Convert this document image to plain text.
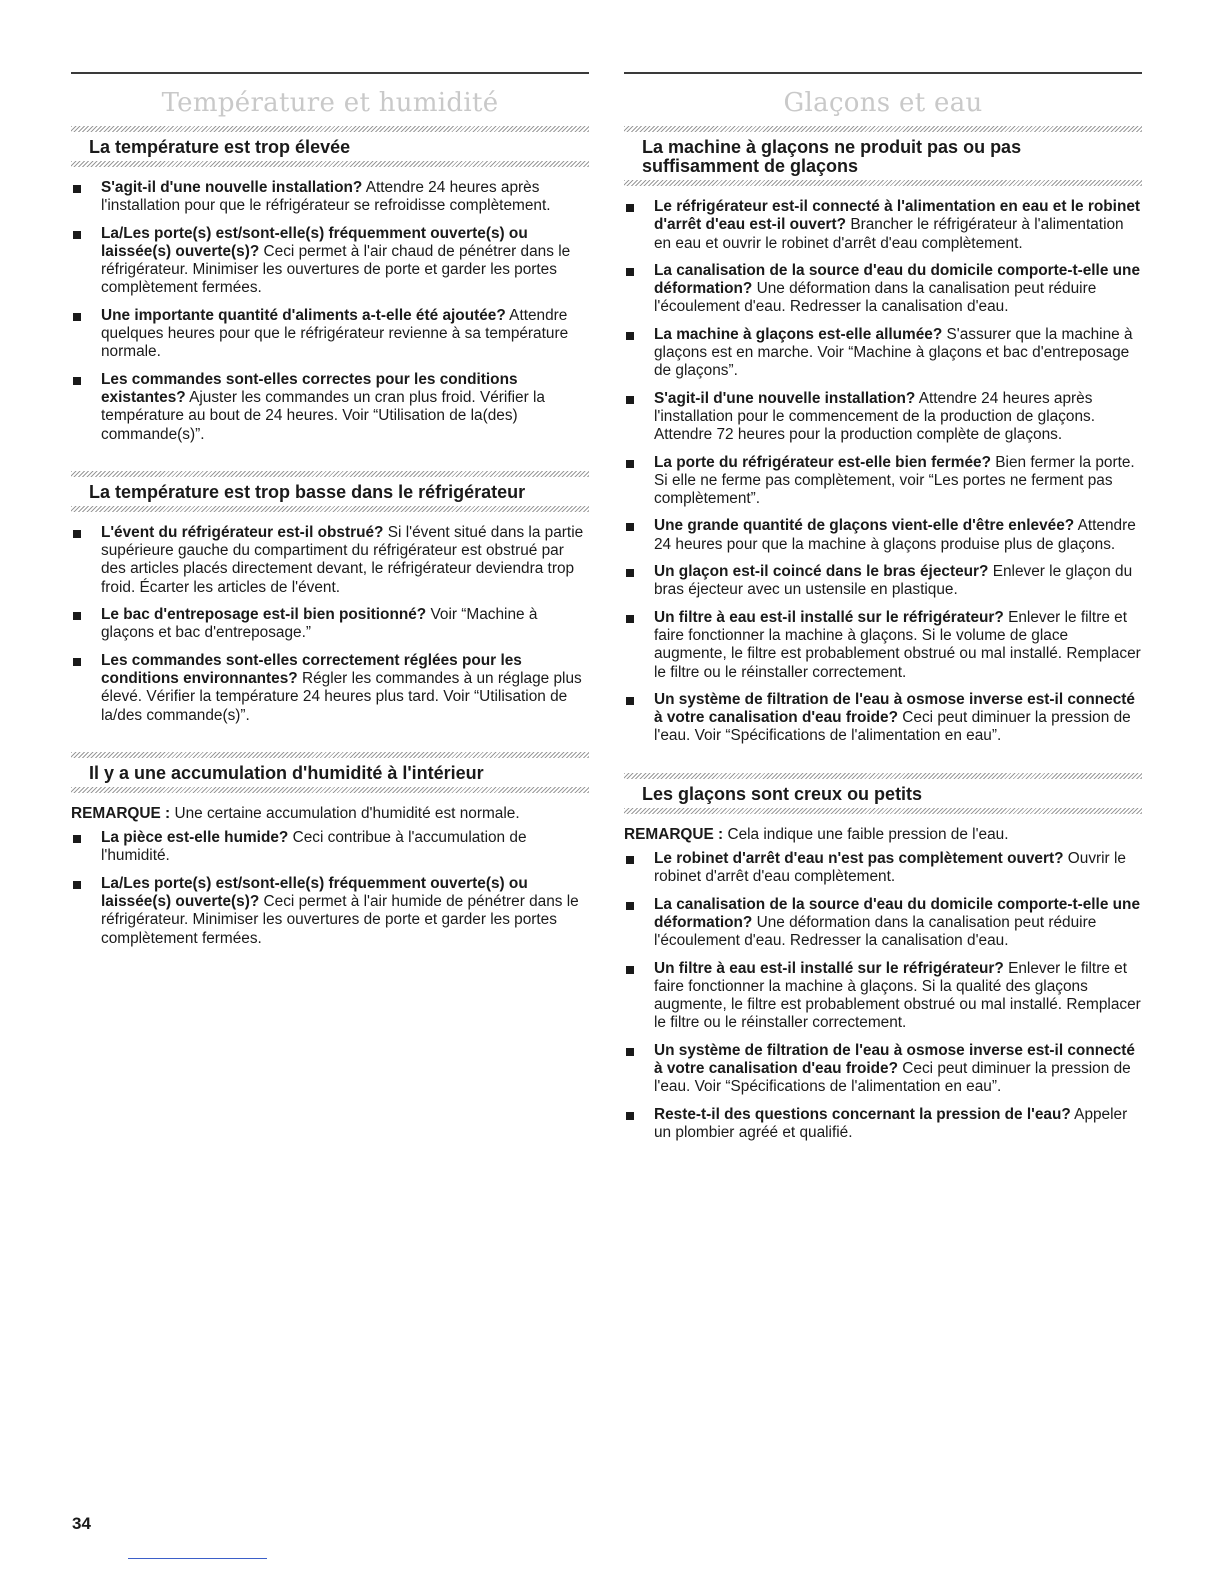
Température et humidité
La température est trop élevée
S'agit-il d'une nouvelle installation? Attendre 24 heures après l'installation pour que le réfrigérateur se refroidisse complètement.
La/Les porte(s) est/sont-elle(s) fréquemment ouverte(s) ou laissée(s) ouverte(s)? Ceci permet à l'air chaud de pénétrer dans le réfrigérateur. Minimiser les ouvertures de porte et garder les portes complètement fermées.
Une importante quantité d'aliments a-t-elle été ajoutée? Attendre quelques heures pour que le réfrigérateur revienne à sa température normale.
Les commandes sont-elles correctes pour les conditions existantes? Ajuster les commandes un cran plus froid. Vérifier la température au bout de 24 heures. Voir “Utilisation de la(des) commande(s)”.
La température est trop basse dans le réfrigérateur
L'évent du réfrigérateur est-il obstrué? Si l'évent situé dans la partie supérieure gauche du compartiment du réfrigérateur est obstrué par des articles placés directement devant, le réfrigérateur deviendra trop froid. Écarter les articles de l'évent.
Le bac d'entreposage est-il bien positionné? Voir “Machine à glaçons et bac d'entreposage.”
Les commandes sont-elles correctement réglées pour les conditions environnantes? Régler les commandes à un réglage plus élevé. Vérifier la température 24 heures plus tard. Voir “Utilisation de la/des commande(s)”.
Il y a une accumulation d'humidité à l'intérieur
REMARQUE : Une certaine accumulation d'humidité est normale.
La pièce est-elle humide? Ceci contribue à l'accumulation de l'humidité.
La/Les porte(s) est/sont-elle(s) fréquemment ouverte(s) ou laissée(s) ouverte(s)? Ceci permet à l'air humide de pénétrer dans le réfrigérateur. Minimiser les ouvertures de porte et garder les portes complètement fermées.
Glaçons et eau
La machine à glaçons ne produit pas ou pas suffisamment de glaçons
Le réfrigérateur est-il connecté à l'alimentation en eau et le robinet d'arrêt d'eau est-il ouvert? Brancher le réfrigérateur à l'alimentation en eau et ouvrir le robinet d'arrêt d'eau complètement.
La canalisation de la source d'eau du domicile comporte-t-elle une déformation? Une déformation dans la canalisation peut réduire l'écoulement d'eau. Redresser la canalisation d'eau.
La machine à glaçons est-elle allumée? S'assurer que la machine à glaçons est en marche. Voir “Machine à glaçons et bac d'entreposage de glaçons”.
S'agit-il d'une nouvelle installation? Attendre 24 heures après l'installation pour le commencement de la production de glaçons. Attendre 72 heures pour la production complète de glaçons.
La porte du réfrigérateur est-elle bien fermée? Bien fermer la porte. Si elle ne ferme pas complètement, voir “Les portes ne ferment pas complètement”.
Une grande quantité de glaçons vient-elle d'être enlevée? Attendre 24 heures pour que la machine à glaçons produise plus de glaçons.
Un glaçon est-il coincé dans le bras éjecteur? Enlever le glaçon du bras éjecteur avec un ustensile en plastique.
Un filtre à eau est-il installé sur le réfrigérateur? Enlever le filtre et faire fonctionner la machine à glaçons. Si le volume de glace augmente, le filtre est probablement obstrué ou mal installé. Remplacer le filtre ou le réinstaller correctement.
Un système de filtration de l'eau à osmose inverse est-il connecté à votre canalisation d'eau froide? Ceci peut diminuer la pression de l'eau. Voir “Spécifications de l'alimentation en eau”.
Les glaçons sont creux ou petits
REMARQUE : Cela indique une faible pression de l'eau.
Le robinet d'arrêt d'eau n'est pas complètement ouvert? Ouvrir le robinet d'arrêt d'eau complètement.
La canalisation de la source d'eau du domicile comporte-t-elle une déformation? Une déformation dans la canalisation peut réduire l'écoulement d'eau. Redresser la canalisation d'eau.
Un filtre à eau est-il installé sur le réfrigérateur? Enlever le filtre et faire fonctionner la machine à glaçons. Si la qualité des glaçons augmente, le filtre est probablement obstrué ou mal installé. Remplacer le filtre ou le réinstaller correctement.
Un système de filtration de l'eau à osmose inverse est-il connecté à votre canalisation d'eau froide? Ceci peut diminuer la pression de l'eau. Voir “Spécifications de l'alimentation en eau”.
Reste-t-il des questions concernant la pression de l'eau? Appeler un plombier agréé et qualifié.
34
